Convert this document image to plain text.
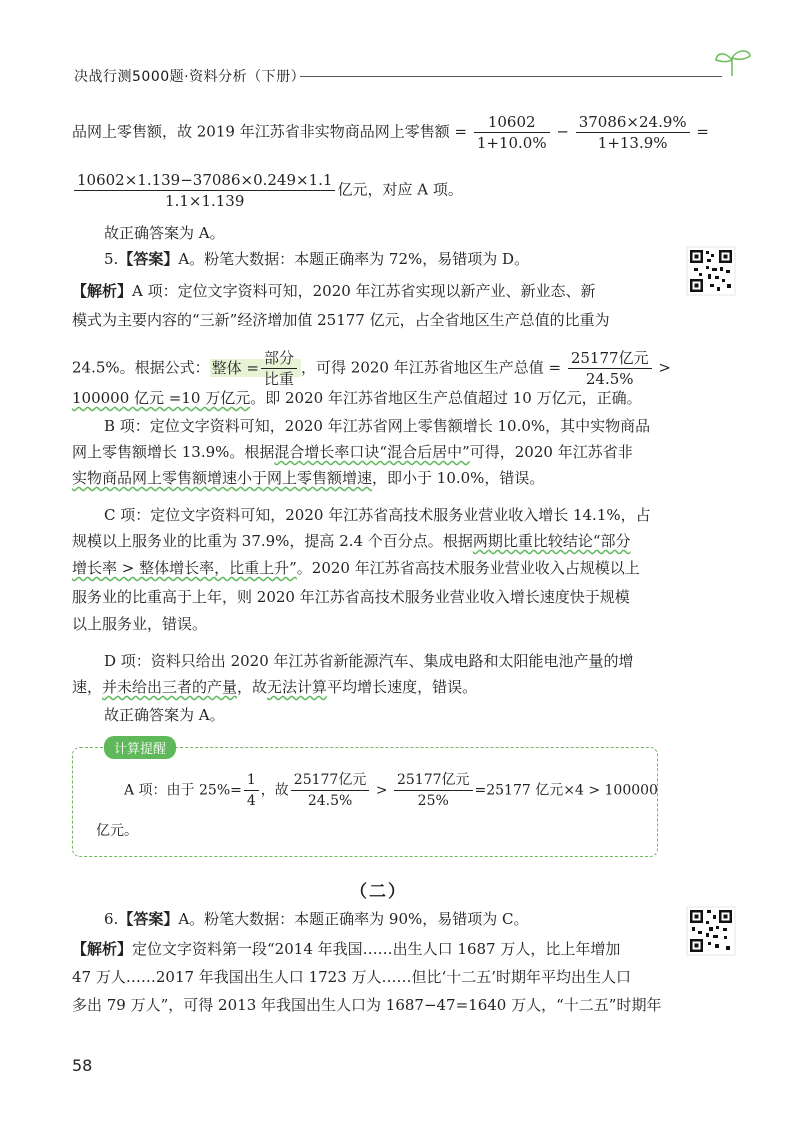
决战行测5000题·资料分析（下册）
品网上零售额，故 2019 年江苏省非实物商品网上零售额 = $\frac{10602}{1+10.0\%} - \frac{37086\times 24.9\%}{1+13.9\%}$ =
$\frac{10602\times 1.139-37086\times 0.249\times 1.1}{1.1\times 1.139}$ 亿元，对应 A 项。
故正确答案为 A。
5.【答案】A。粉笔大数据：本题正确率为 72%，易错项为 D。
【解析】A 项：定位文字资料可知，2020 年江苏省实现以新产业、新业态、新
模式为主要内容的“三新”经济增加值 25177 亿元，占全省地区生产总值的比重为
24.5%。根据公式： 整体 = $\frac{\text{部分}}{\text{比重}}$ ，可得 2020 年江苏省地区生产总值 = $\frac{\text{25177亿元}}{24.5\%}$ >
100000 亿元 =10 万亿元。即 2020 年江苏省地区生产总值超过 10 万亿元，正确。
B 项：定位文字资料可知，2020 年江苏省网上零售额增长 10.0%，其中实物商品
网上零售额增长 13.9%。根据混合增长率口诀“混合后居中”可得，2020 年江苏省非
实物商品网上零售额增速小于网上零售额增速，即小于 10.0%，错误。
C 项：定位文字资料可知，2020 年江苏省高技术服务业营业收入增长 14.1%，占
规模以上服务业的比重为 37.9%，提高 2.4 个百分点。根据两期比重比较结论“部分
增长率 > 整体增长率，比重上升”。2020 年江苏省高技术服务业营业收入占规模以上
服务业的比重高于上年，则 2020 年江苏省高技术服务业营业收入增长速度快于规模
以上服务业，错误。
D 项：资料只给出 2020 年江苏省新能源汽车、集成电路和太阳能电池产量的增
速，并未给出三者的产量，故无法计算平均增长速度，错误。
故正确答案为 A。
计算提醒
A 项：由于 $25\%= \frac{1}{4}$ ，故 $\frac{\text{25177亿元}}{24.5\%} > \frac{\text{25177亿元}}{25\%} =25177$ 亿元×4 > 100000
亿元。
（二）
6.【答案】A。粉笔大数据：本题正确率为 90%，易错项为 C。
【解析】定位文字资料第一段“2014 年我国……出生人口 1687 万人，比上年增加
47 万人……2017 年我国出生人口 1723 万人……但比‘十二五’时期年平均出生人口
多出 79 万人”，可得 2013 年我国出生人口为 1687−47=1640 万人，“十二五”时期年
58
